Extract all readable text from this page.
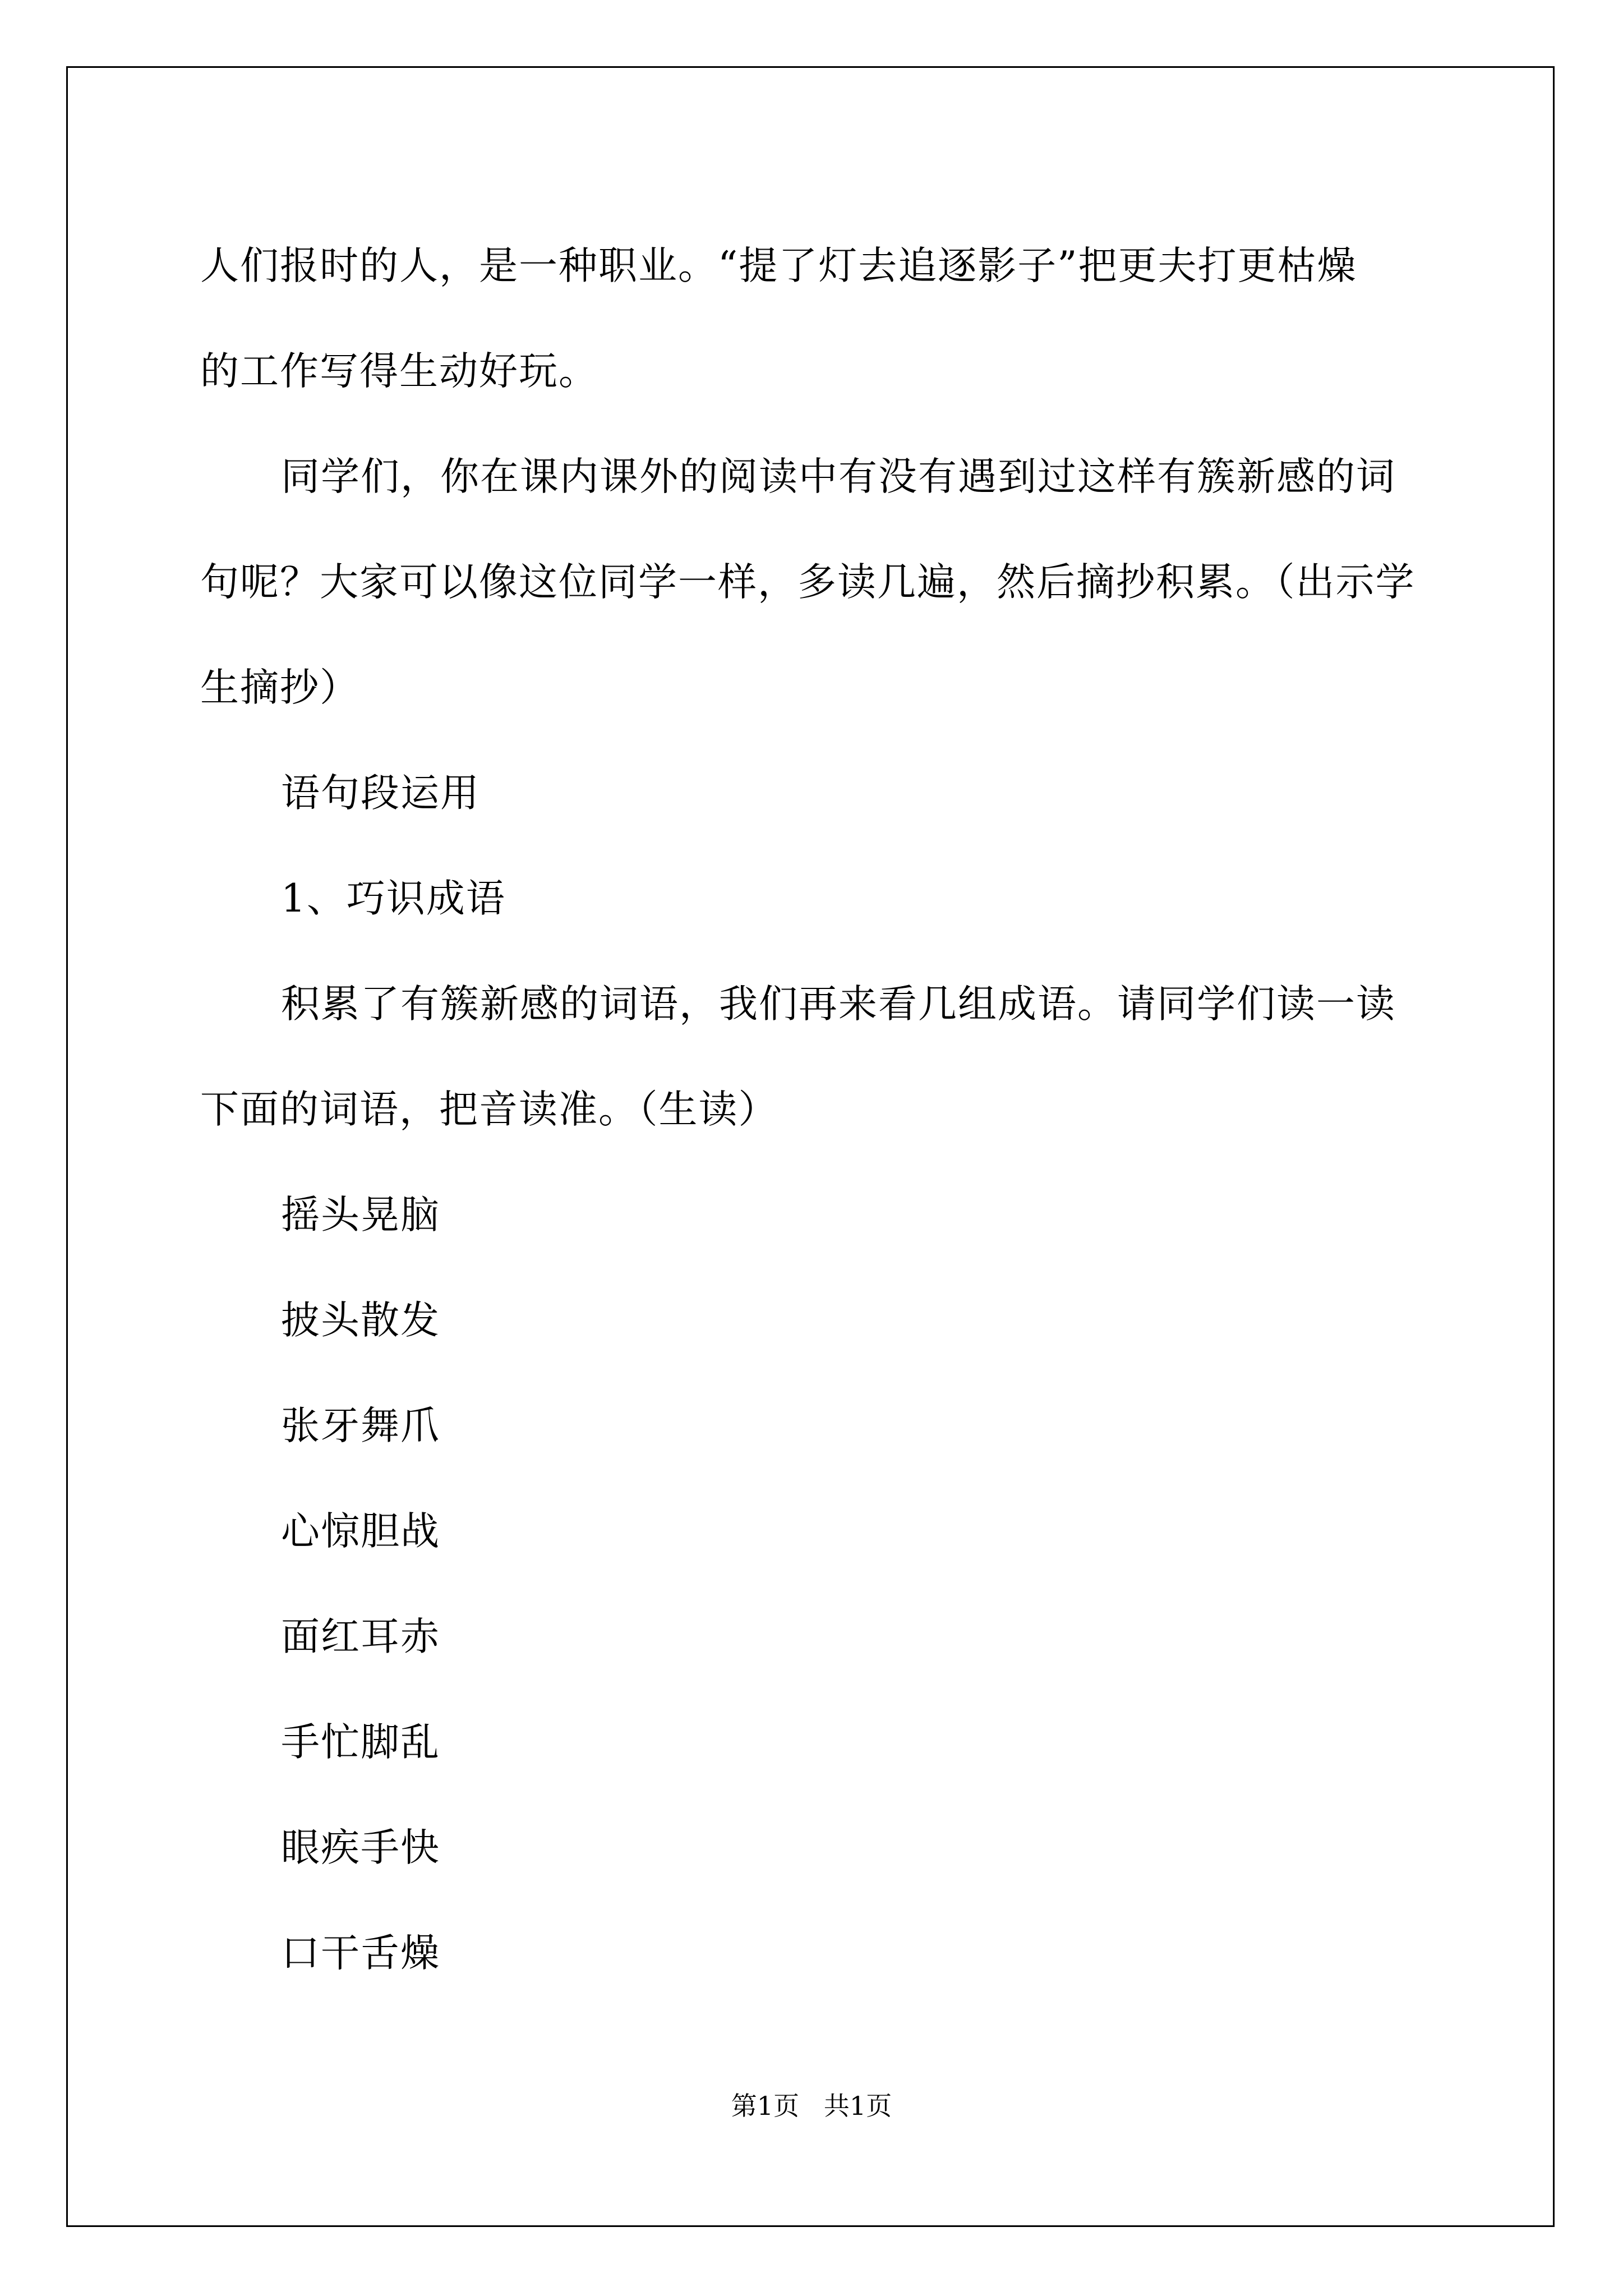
人们报时的人，是一种职业。“提了灯去追逐影子”把更夫打更枯燥

的工作写得生动好玩。

同学们，你在课内课外的阅读中有没有遇到过这样有簇新感的词

句呢？大家可以像这位同学一样，多读几遍，然后摘抄积累。（出示学

生摘抄）

语句段运用

1、巧识成语

积累了有簇新感的词语，我们再来看几组成语。请同学们读一读

下面的词语，把音读准。（生读）

摇头晃脑

披头散发

张牙舞爪

心惊胆战

面红耳赤

手忙脚乱

眼疾手快

口干舌燥

第1页   共1页
